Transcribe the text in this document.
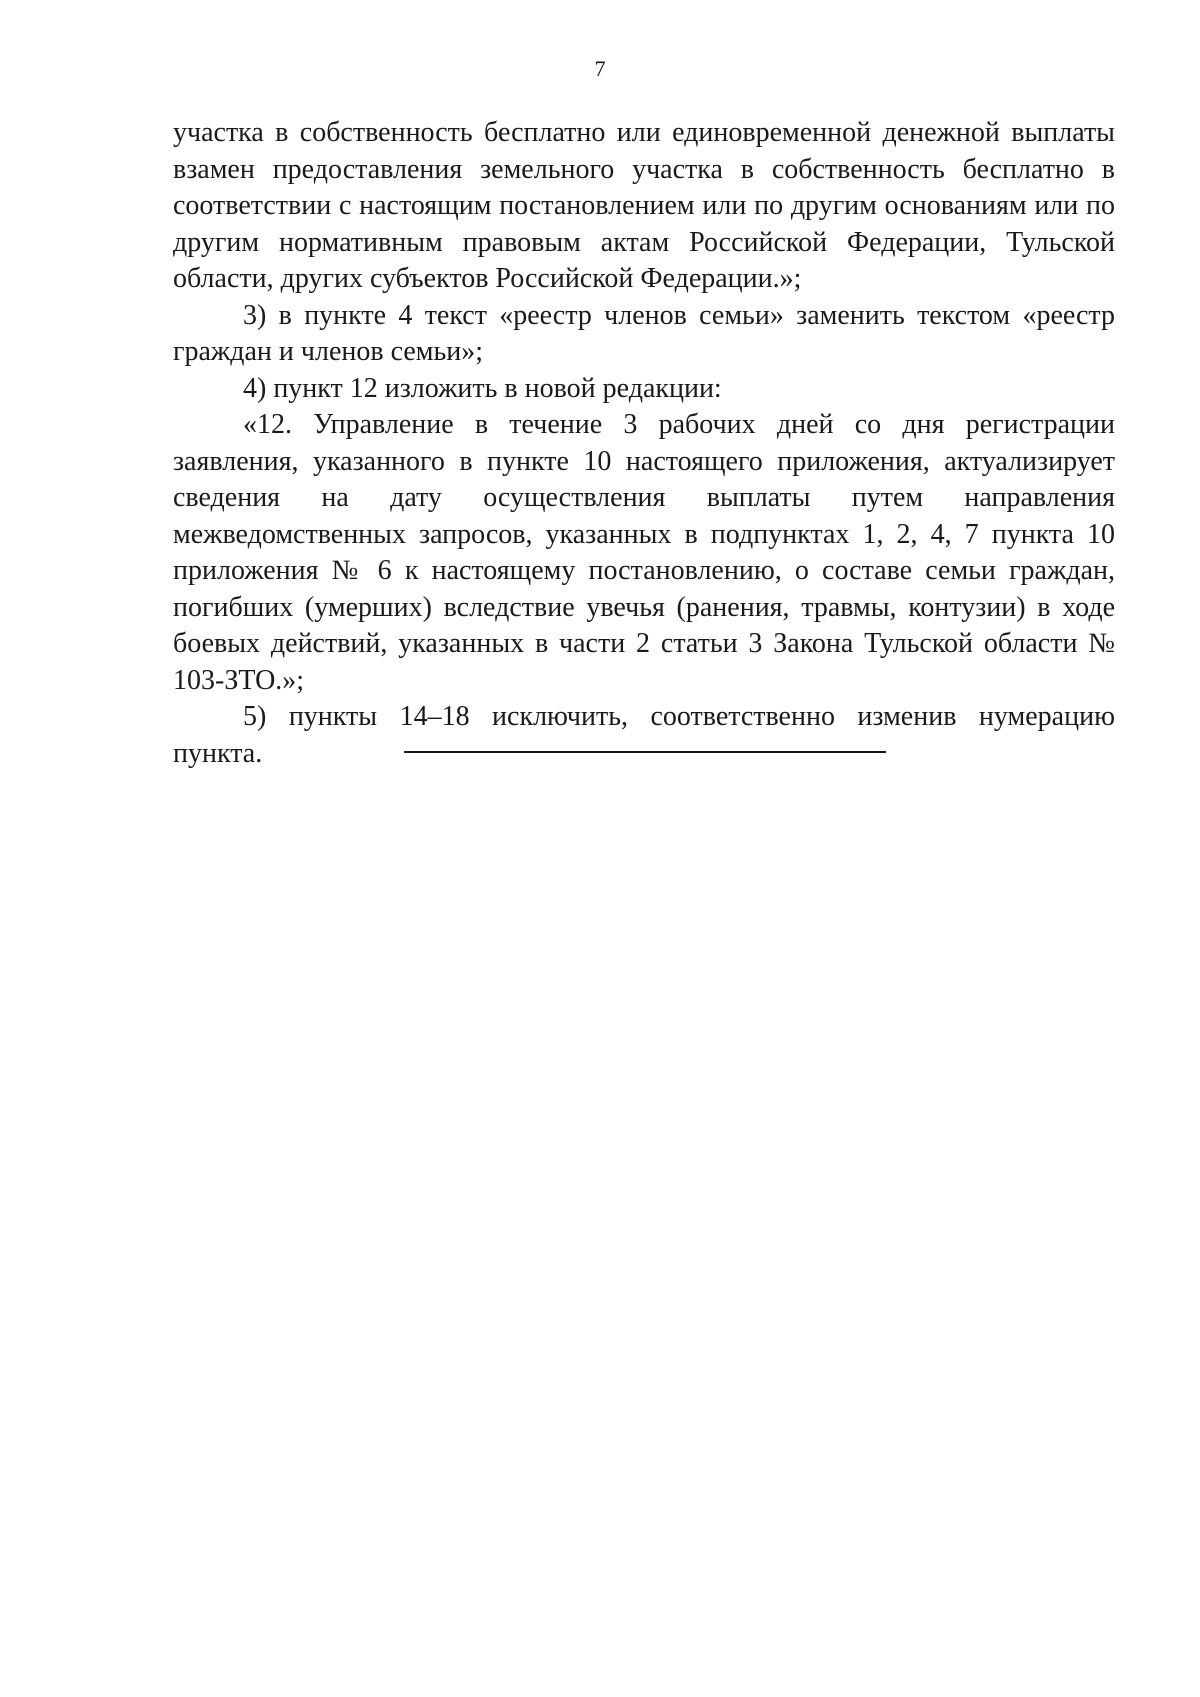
7

участка в собственность бесплатно или единовременной денежной выплаты взамен предоставления земельного участка в собственность бесплатно в соответствии с настоящим постановлением или по другим основаниям или по другим нормативным правовым актам Российской Федерации, Тульской области, других субъектов Российской Федерации.»;

3) в пункте 4 текст «реестр членов семьи» заменить текстом «реестр граждан и членов семьи»;

4) пункт 12 изложить в новой редакции:

«12. Управление в течение 3 рабочих дней со дня регистрации заявления, указанного в пункте 10 настоящего приложения, актуализирует сведения на дату осуществления выплаты путем направления межведомственных запросов, указанных в подпунктах 1, 2, 4, 7 пункта 10 приложения № 6 к настоящему постановлению, о составе семьи граждан, погибших (умерших) вследствие увечья (ранения, травмы, контузии) в ходе боевых действий, указанных в части 2 статьи 3 Закона Тульской области № 103-ЗТО.»;

5) пункты 14–18 исключить, соответственно изменив нумерацию пункта.
